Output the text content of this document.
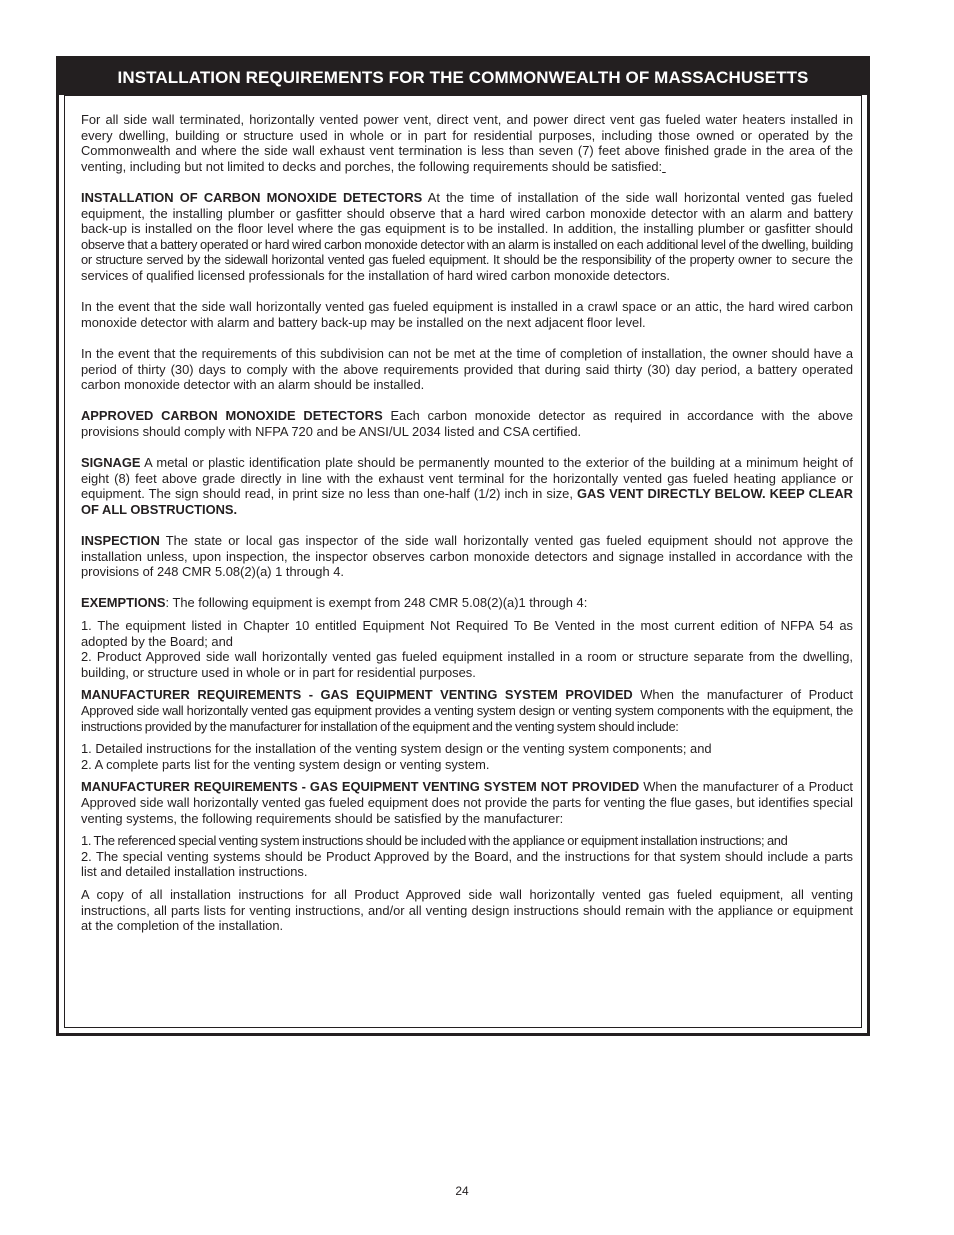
INSTALLATION REQUIREMENTS FOR THE COMMONWEALTH OF MASSACHUSETTS

For all side wall terminated, horizontally vented power vent, direct vent, and power direct vent gas fueled water heaters installed in every dwelling, building or structure used in whole or in part for residential purposes, including those owned or operated by the Commonwealth and where the side wall exhaust vent termination is less than seven (7) feet above finished grade in the area of the venting, including but not limited to decks and porches, the following requirements should be satisfied:

INSTALLATION OF CARBON MONOXIDE DETECTORS At the time of installation of the side wall horizontal vented gas fueled equipment, the installing plumber or gasfitter should observe that a hard wired carbon monoxide detector with an alarm and battery back-up is installed on the floor level where the gas equipment is to be installed. In addition, the installing plumber or gasfitter should observe that a battery operated or hard wired carbon monoxide detector with an alarm is installed on each additional level of the dwelling, building or structure served by the sidewall horizontal vented gas fueled equipment. It should be the responsibility of the property owner to secure the services of qualified licensed professionals for the installation of hard wired carbon monoxide detectors.

In the event that the side wall horizontally vented gas fueled equipment is installed in a crawl space or an attic, the hard wired carbon monoxide detector with alarm and battery back-up may be installed on the next adjacent floor level.

In the event that the requirements of this subdivision can not be met at the time of completion of installation, the owner should have a period of thirty (30) days to comply with the above requirements provided that during said thirty (30) day period, a battery operated carbon monoxide detector with an alarm should be installed.

APPROVED CARBON MONOXIDE DETECTORS Each carbon monoxide detector as required in accordance with the above provisions should comply with NFPA 720 and be ANSI/UL 2034 listed and CSA certified.

SIGNAGE A metal or plastic identification plate should be permanently mounted to the exterior of the building at a minimum height of eight (8) feet above grade directly in line with the exhaust vent terminal for the horizontally vented gas fueled heating appliance or equipment. The sign should read, in print size no less than one-half (1/2) inch in size, GAS VENT DIRECTLY BELOW. KEEP CLEAR OF ALL OBSTRUCTIONS.

INSPECTION The state or local gas inspector of the side wall horizontally vented gas fueled equipment should not approve the installation unless, upon inspection, the inspector observes carbon monoxide detectors and signage installed in accordance with the provisions of 248 CMR 5.08(2)(a) 1 through 4.

EXEMPTIONS: The following equipment is exempt from 248 CMR 5.08(2)(a)1 through 4:

1. The equipment listed in Chapter 10 entitled Equipment Not Required To Be Vented in the most current edition of NFPA 54 as adopted by the Board; and

2. Product Approved side wall horizontally vented gas fueled equipment installed in a room or structure separate from the dwelling, building, or structure used in whole or in part for residential purposes.

MANUFACTURER REQUIREMENTS - GAS EQUIPMENT VENTING SYSTEM PROVIDED When the manufacturer of Product Approved side wall horizontally vented gas equipment provides a venting system design or venting system components with the equipment, the instructions provided by the manufacturer for installation of the equipment and the venting system should include:

1. Detailed instructions for the installation of the venting system design or the venting system components; and

2. A complete parts list for the venting system design or venting system.

MANUFACTURER REQUIREMENTS - GAS EQUIPMENT VENTING SYSTEM NOT PROVIDED When the manufacturer of a Product Approved side wall horizontally vented gas fueled equipment does not provide the parts for venting the flue gases, but identifies special venting systems, the following requirements should be satisfied by the manufacturer:

1. The referenced special venting system instructions should be included with the appliance or equipment installation instructions; and

2. The special venting systems should be Product Approved by the Board, and the instructions for that system should include a parts list and detailed installation instructions.

A copy of all installation instructions for all Product Approved side wall horizontally vented gas fueled equipment, all venting instructions, all parts lists for venting instructions, and/or all venting design instructions should remain with the appliance or equipment at the completion of the installation.

24
